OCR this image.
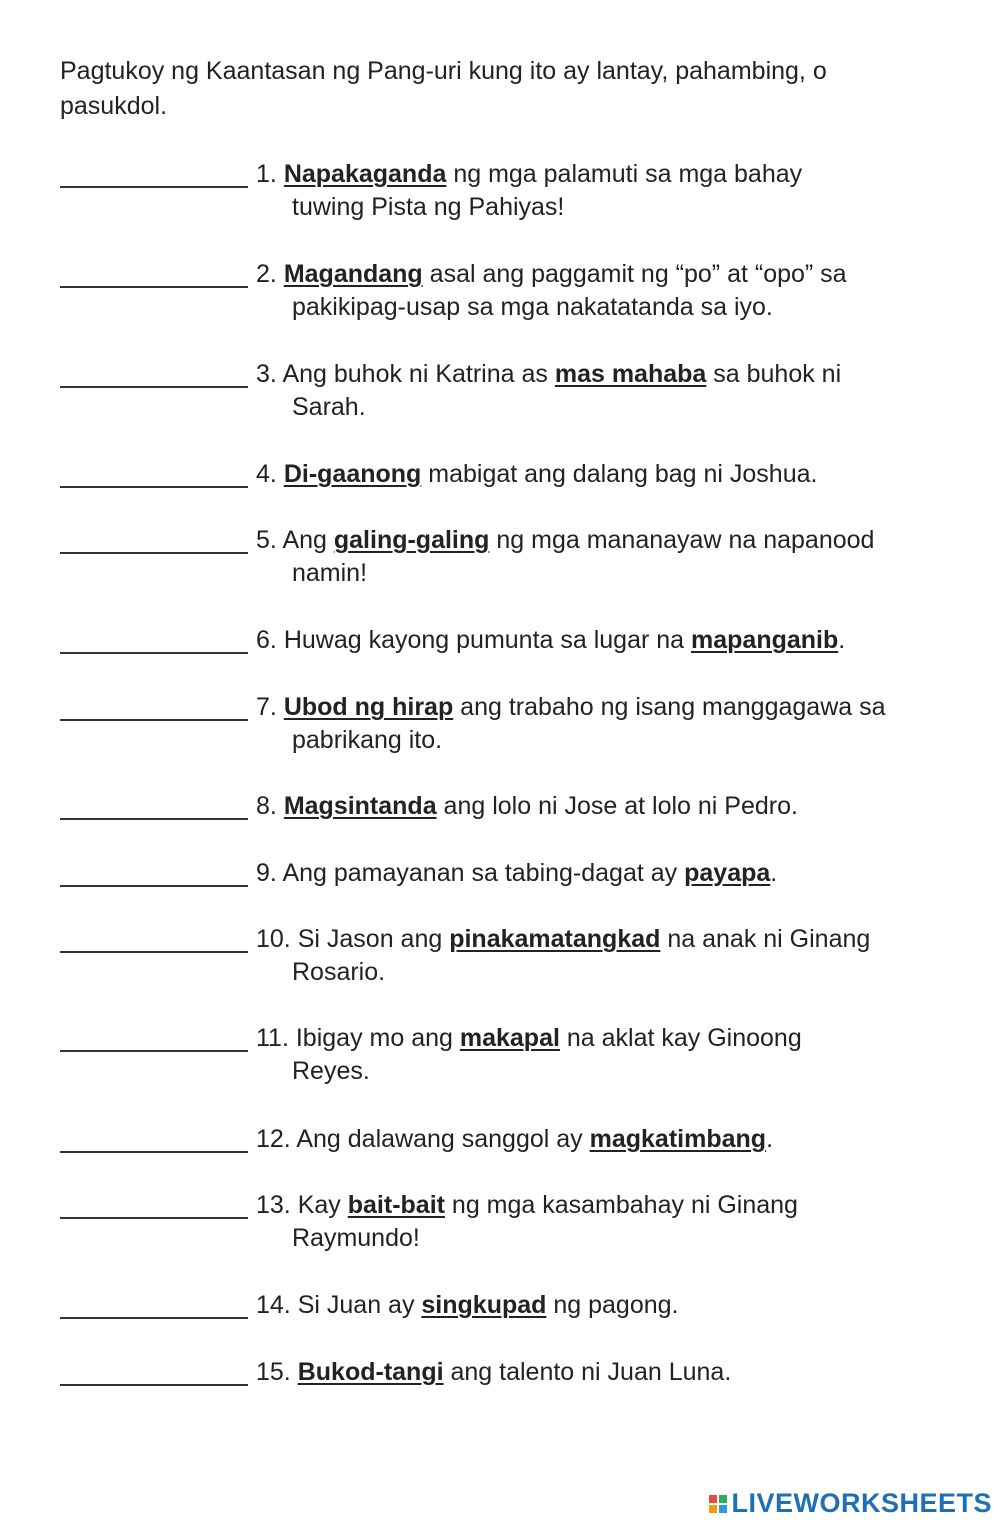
Pagtukoy ng Kaantasan ng Pang-uri kung ito ay lantay, pahambing, o pasukdol.

1. Napakaganda ng mga palamuti sa mga bahay
tuwing Pista ng Pahiyas!
2. Magandang asal ang paggamit ng “po” at “opo” sa
pakikipag-usap sa mga nakatatanda sa iyo.
3. Ang buhok ni Katrina as mas mahaba sa buhok ni
Sarah.
4. Di-gaanong mabigat ang dalang bag ni Joshua.
5. Ang galing-galing ng mga mananayaw na napanood
namin!
6. Huwag kayong pumunta sa lugar na mapanganib.
7. Ubod ng hirap ang trabaho ng isang manggagawa sa
pabrikang ito.
8. Magsintanda ang lolo ni Jose at lolo ni Pedro.
9. Ang pamayanan sa tabing-dagat ay payapa.
10. Si Jason ang pinakamatangkad na anak ni Ginang
Rosario.
11. Ibigay mo ang makapal na aklat kay Ginoong
Reyes.
12. Ang dalawang sanggol ay magkatimbang.
13. Kay bait-bait ng mga kasambahay ni Ginang
Raymundo!
14. Si Juan ay singkupad ng pagong.
15. Bukod-tangi ang talento ni Juan Luna.
LIVEWORKSHEETS
